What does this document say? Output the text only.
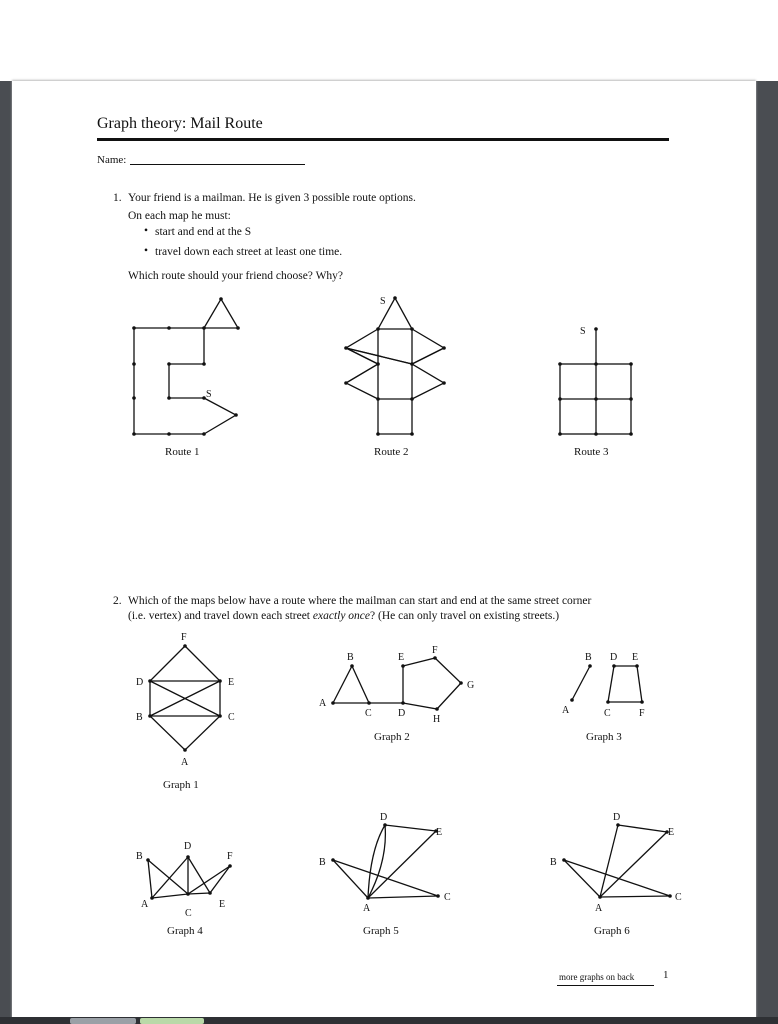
Graph theory: Mail Route
Name:
1. Your friend is a mailman. He is given 3 possible route options.
On each map he must:
• start and end at the S
• travel down each street at least one time.
Which route should your friend choose? Why?
2. Which of the maps below have a route where the mailman can start and end at the same street corner
(i.e. vertex) and travel down each street exactly once? (He can only travel on existing streets.)
S
S
S
Route 1	Route 2	Route 3
F
D	E
B	C
A
Graph 1
B	E
F
G
A
C	D
H
Graph 2
B D E
A	C	F
Graph 3
B
D
F
A
C
E
Graph 4
D
E
B
C
A
Graph 5
D
E
B
C
A
Graph 6
more graphs on back	1
